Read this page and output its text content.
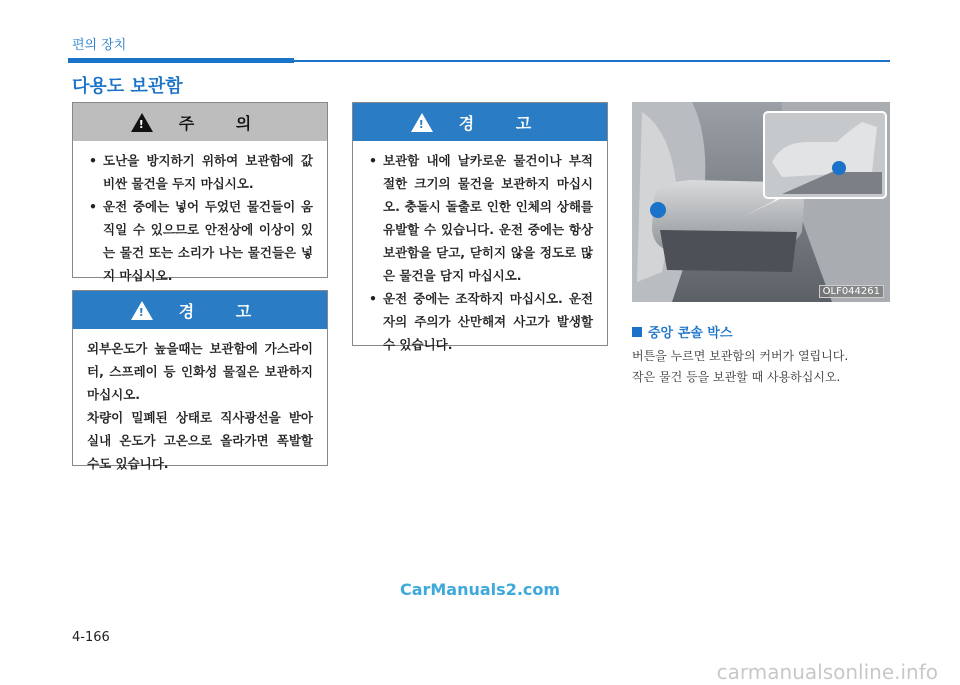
편의 장치
다용도 보관함
! 주 의
• 도난을 방지하기 위하여 보관함에 값비싼 물건을 두지 마십시오.
• 운전 중에는 넣어 두었던 물건들이 움직일 수 있으므로 안전상에 이상이 있는 물건 또는 소리가 나는 물건들은 넣지 마십시오.
! 경 고

외부온도가 높을때는 보관함에 가스라이터, 스프레이 등 인화성 물질은 보관하지 마십시오.

차량이 밀폐된 상태로 직사광선을 받아 실내 온도가 고온으로 올라가면 폭발할 수도 있습니다.

! 경 고
• 보관함 내에 날카로운 물건이나 부적절한 크기의 물건을 보관하지 마십시오. 충돌시 돌출로 인한 인체의 상해를 유발할 수 있습니다. 운전 중에는 항상 보관함을 닫고, 닫히지 않을 정도로 많은 물건을 담지 마십시오.
• 운전 중에는 조작하지 마십시오. 운전자의 주의가 산만해져 사고가 발생할 수 있습니다.
OLF044261
중앙 콘솔 박스
버튼을 누르면 보관함의 커버가 열립니다.
작은 물건 등을 보관할 때 사용하십시오.
CarManuals2.com
4-166
carmanualsonline.info
